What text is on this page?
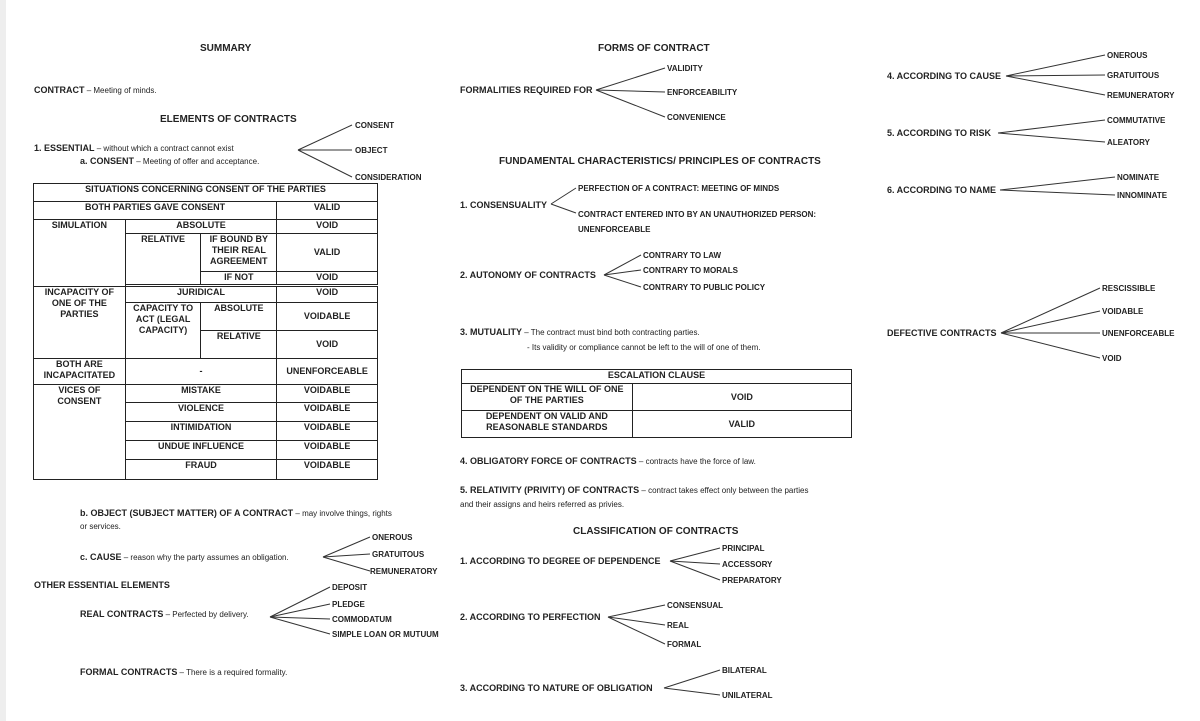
SUMMARY
CONTRACT – Meeting of minds.
ELEMENTS OF CONTRACTS
1. ESSENTIAL – without which a contract cannot exist
a. CONSENT – Meeting of offer and acceptance.
CONSENT
OBJECT
CONSIDERATION
SITUATIONS CONCERNING CONSENT OF THE PARTIES			
BOTH PARTIES GAVE CONSENT			VALID
SIMULATION	ABSOLUTE		VOID
	RELATIVE	IF BOUND BY THEIR REAL AGREEMENT	VALID
		IF NOT	VOID

INCAPACITY OF ONE OF THE PARTIES	JURIDICAL		VOID
	CAPACITY TO ACT (LEGAL CAPACITY)	ABSOLUTE	VOIDABLE
		RELATIVE	VOID
BOTH ARE INCAPACITATED	-		UNENFORCEABLE
VICES OF CONSENT	MISTAKE		VOIDABLE
	VIOLENCE		VOIDABLE
	INTIMIDATION		VOIDABLE
	UNDUE INFLUENCE		VOIDABLE
	FRAUD		VOIDABLE
b. OBJECT (SUBJECT MATTER) OF A CONTRACT – may involve things, rights
or services.
c. CAUSE – reason why the party assumes an obligation.
ONEROUS
GRATUITOUS
REMUNERATORY
OTHER ESSENTIAL ELEMENTS
REAL CONTRACTS – Perfected by delivery.
DEPOSIT
PLEDGE
COMMODATUM
SIMPLE LOAN OR MUTUUM
FORMAL CONTRACTS – There is a required formality.
FORMS OF CONTRACT
FORMALITIES REQUIRED FOR
VALIDITY
ENFORCEABILITY
CONVENIENCE
FUNDAMENTAL CHARACTERISTICS/ PRINCIPLES OF CONTRACTS
1. CONSENSUALITY
PERFECTION OF A CONTRACT: MEETING OF MINDS
CONTRACT ENTERED INTO BY AN UNAUTHORIZED PERSON:
UNENFORCEABLE
2. AUTONOMY OF CONTRACTS
CONTRARY TO LAW
CONTRARY TO MORALS
CONTRARY TO PUBLIC POLICY
3. MUTUALITY – The contract must bind both contracting parties.
- Its validity or compliance cannot be left to the will of one of them.
ESCALATION CLAUSE	
DEPENDENT ON THE WILL OF ONE OF THE PARTIES	VOID
DEPENDENT ON VALID AND REASONABLE STANDARDS	VALID
4. OBLIGATORY FORCE OF CONTRACTS – contracts have the force of law.
5. RELATIVITY (PRIVITY) OF CONTRACTS – contract takes effect only between the parties
and their assigns and heirs referred as privies.
CLASSIFICATION OF CONTRACTS
1. ACCORDING TO DEGREE OF DEPENDENCE
PRINCIPAL
ACCESSORY
PREPARATORY
2. ACCORDING TO PERFECTION
CONSENSUAL
REAL
FORMAL
3. ACCORDING TO NATURE OF OBLIGATION
BILATERAL
UNILATERAL
4. ACCORDING TO CAUSE
ONEROUS
GRATUITOUS
REMUNERATORY
5. ACCORDING TO RISK
COMMUTATIVE
ALEATORY
6. ACCORDING TO NAME
NOMINATE
INNOMINATE
DEFECTIVE CONTRACTS
RESCISSIBLE
VOIDABLE
UNENFORCEABLE
VOID
